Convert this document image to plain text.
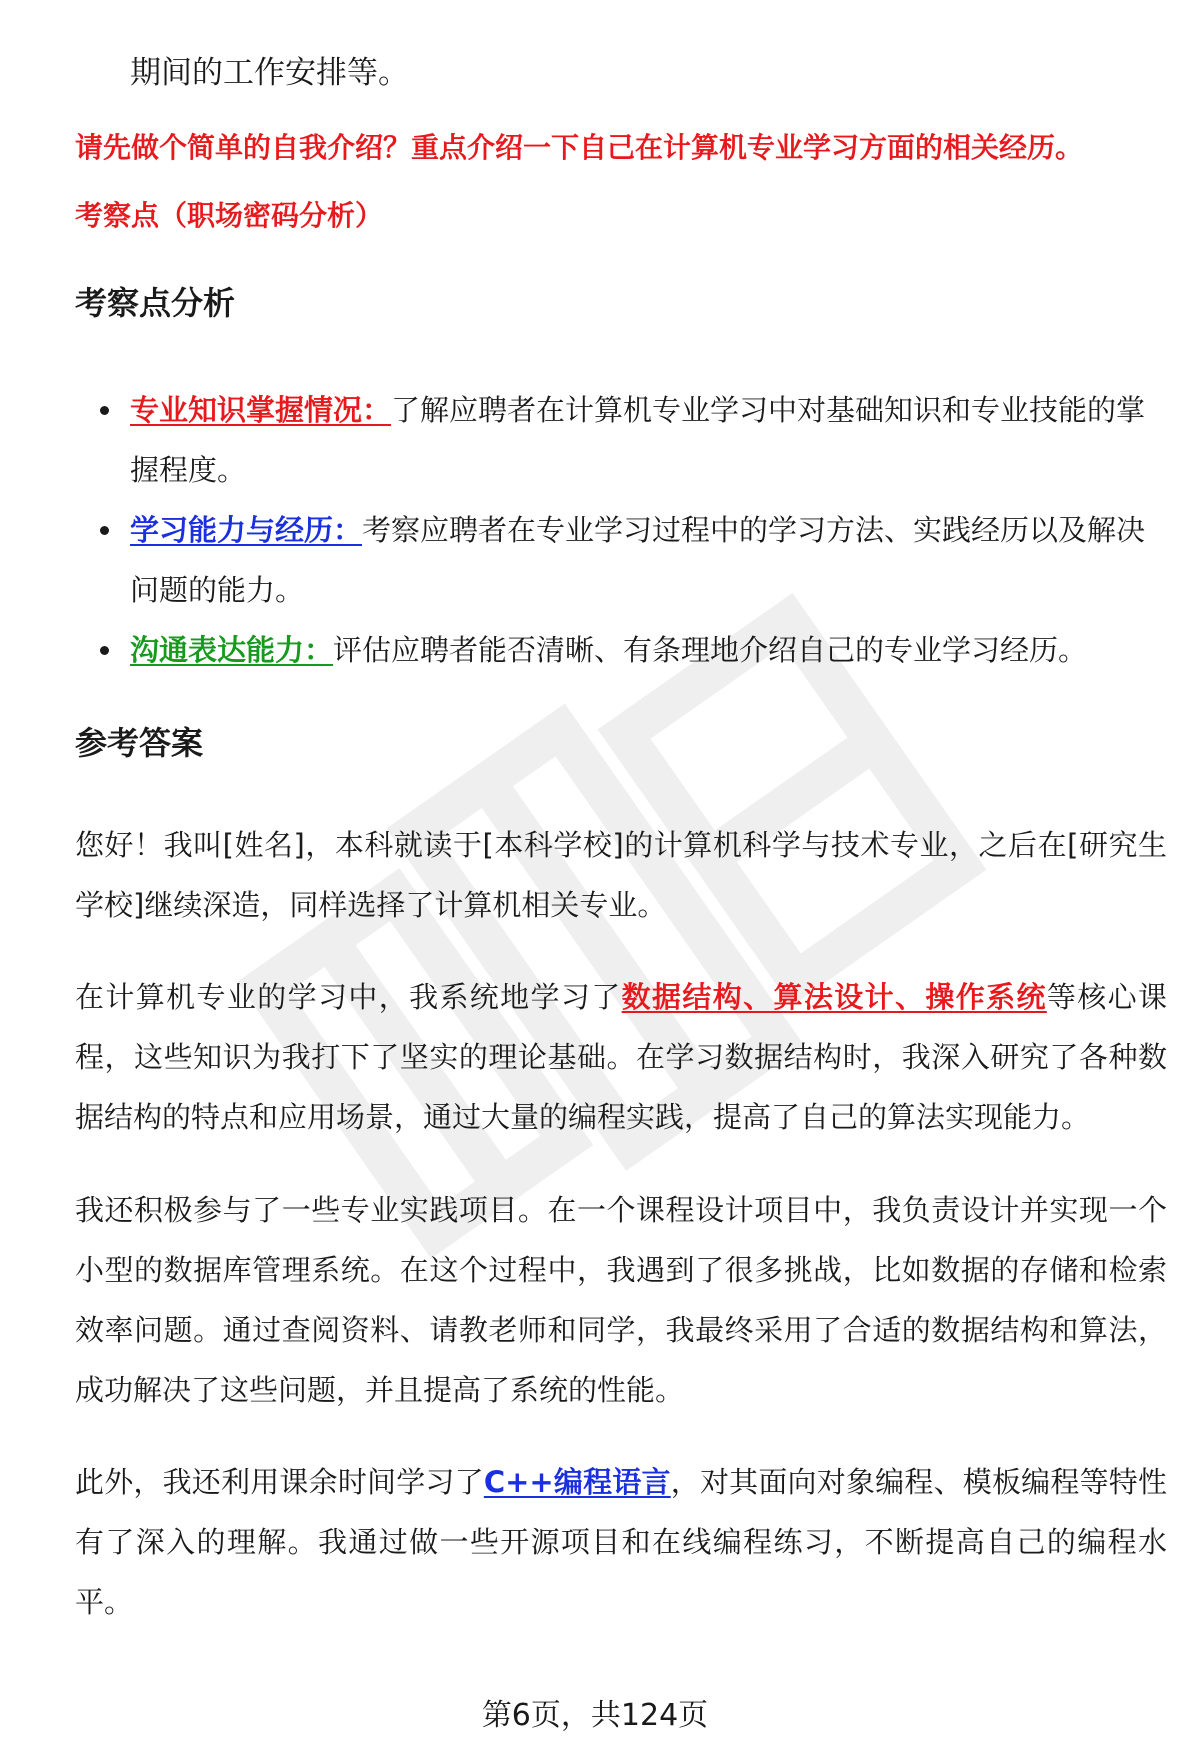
期间的工作安排等。
请先做个简单的自我介绍？重点介绍一下自己在计算机专业学习方面的相关经历。
考察点（职场密码分析）
考察点分析
专业知识掌握情况：了解应聘者在计算机专业学习中对基础知识和专业技能的掌握程度。
学习能力与经历：考察应聘者在专业学习过程中的学习方法、实践经历以及解决问题的能力。
沟通表达能力：评估应聘者能否清晰、有条理地介绍自己的专业学习经历。
参考答案
您好！我叫[姓名]，本科就读于[本科学校]的计算机科学与技术专业，之后在[研究生学校]继续深造，同样选择了计算机相关专业。
在计算机专业的学习中，我系统地学习了数据结构、算法设计、操作系统等核心课程，这些知识为我打下了坚实的理论基础。在学习数据结构时，我深入研究了各种数据结构的特点和应用场景，通过大量的编程实践，提高了自己的算法实现能力。
我还积极参与了一些专业实践项目。在一个课程设计项目中，我负责设计并实现一个小型的数据库管理系统。在这个过程中，我遇到了很多挑战，比如数据的存储和检索效率问题。通过查阅资料、请教老师和同学，我最终采用了合适的数据结构和算法，成功解决了这些问题，并且提高了系统的性能。
此外，我还利用课余时间学习了C++编程语言，对其面向对象编程、模板编程等特性有了深入的理解。我通过做一些开源项目和在线编程练习，不断提高自己的编程水平。
第6页，共124页
